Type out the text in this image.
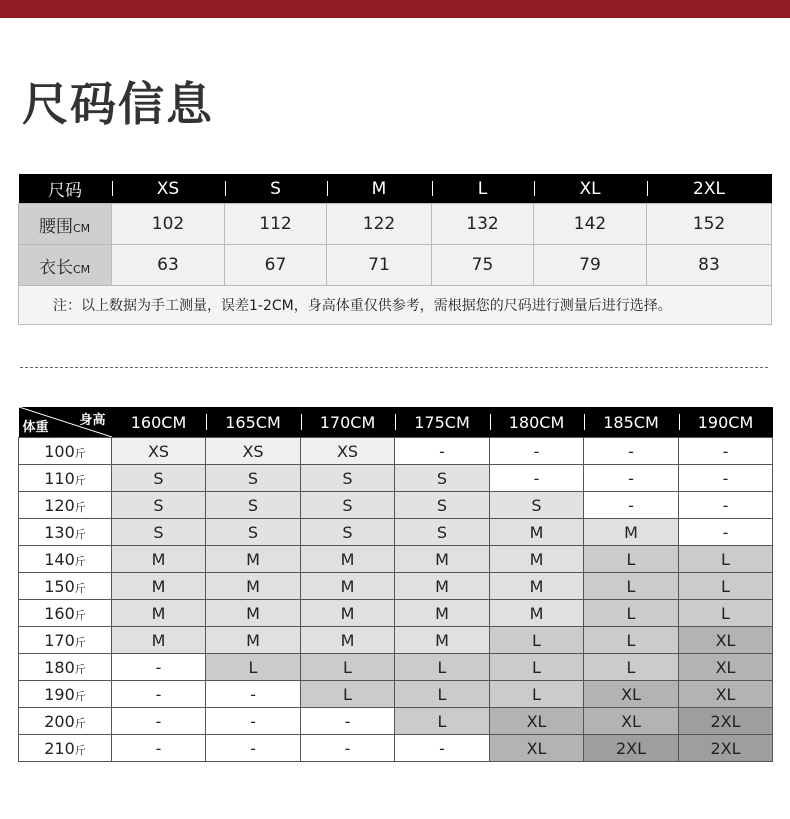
尺码信息
尺码	XS	S	M	L	XL	2XL
腰围CM	102	112	122	132	142	152
衣长CM	63	67	71	75	79	83
注：以上数据为手工测量，误差1-2CM，身高体重仅供参考，需根据您的尺码进行测量后进行选择。						
身高
体重	160CM	165CM	170CM	175CM	180CM	185CM	190CM
100斤	XS	XS	XS	-	-	-	-
110斤	S	S	S	S	-	-	-
120斤	S	S	S	S	S	-	-
130斤	S	S	S	S	M	M	-
140斤	M	M	M	M	M	L	L
150斤	M	M	M	M	M	L	L
160斤	M	M	M	M	M	L	L
170斤	M	M	M	M	L	L	XL
180斤	-	L	L	L	L	L	XL
190斤	-	-	L	L	L	XL	XL
200斤	-	-	-	L	XL	XL	2XL
210斤	-	-	-	-	XL	2XL	2XL
